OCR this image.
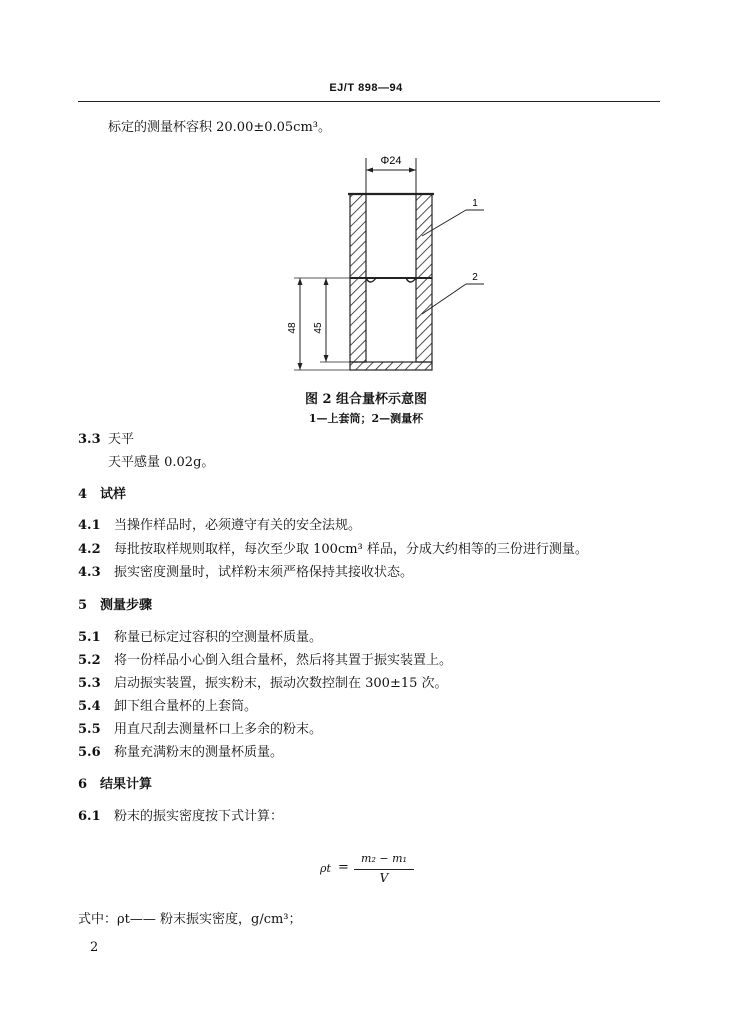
EJ/T 898—94
标定的测量杯容积 20.00±0.05cm³。
Φ24
48 45
1
2
图 2 组合量杯示意图
1—上套筒；2—测量杯
3.3 天平
天平感量 0.02g。
4 试样
4.1 当操作样品时，必须遵守有关的安全法规。
4.2 每批按取样规则取样，每次至少取 100cm³ 样品，分成大约相等的三份进行测量。
4.3 振实密度测量时，试样粉末须严格保持其接收状态。
5 测量步骤
5.1 称量已标定过容积的空测量杯质量。
5.2 将一份样品小心倒入组合量杯，然后将其置于振实装置上。
5.3 启动振实装置，振实粉末，振动次数控制在 300±15 次。
5.4 卸下组合量杯的上套筒。
5.5 用直尺刮去测量杯口上多余的粉末。
5.6 称量充满粉末的测量杯质量。
6 结果计算
6.1 粉末的振实密度按下式计算：
ρt =
m₂ − m₁
V
式中：ρt—— 粉末振实密度，g/cm³；
2
